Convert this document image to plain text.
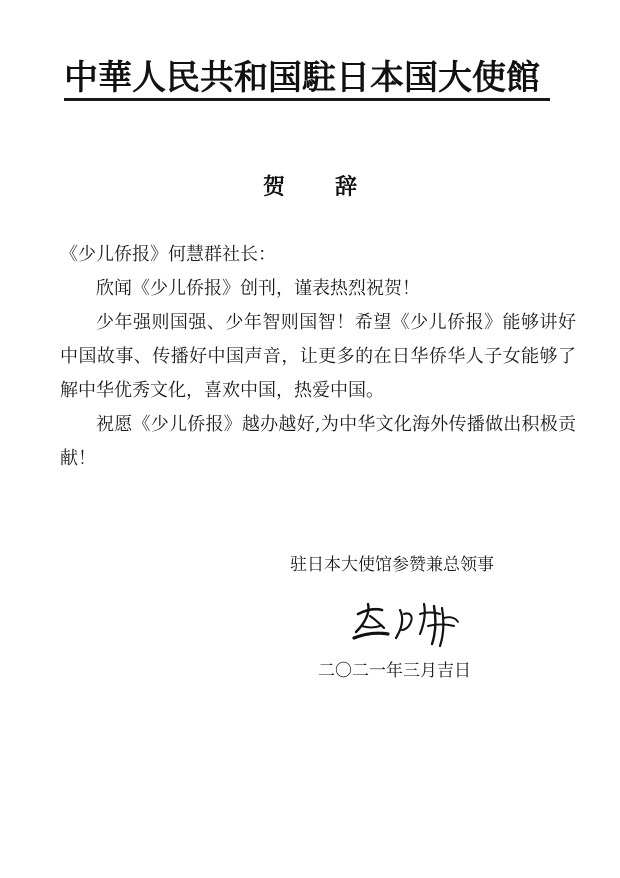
中華人民共和国駐日本国大使館
贺　辞

《少儿侨报》何慧群社长：

欣闻《少儿侨报》创刊，谨表热烈祝贺！

少年强则国强、少年智则国智！希望《少儿侨报》能够讲好中国故事、传播好中国声音，让更多的在日华侨华人子女能够了解中华优秀文化，喜欢中国，热爱中国。

祝愿《少儿侨报》越办越好,为中华文化海外传播做出积极贡献！

驻日本大使馆参赞兼总领事
二〇二一年三月吉日
